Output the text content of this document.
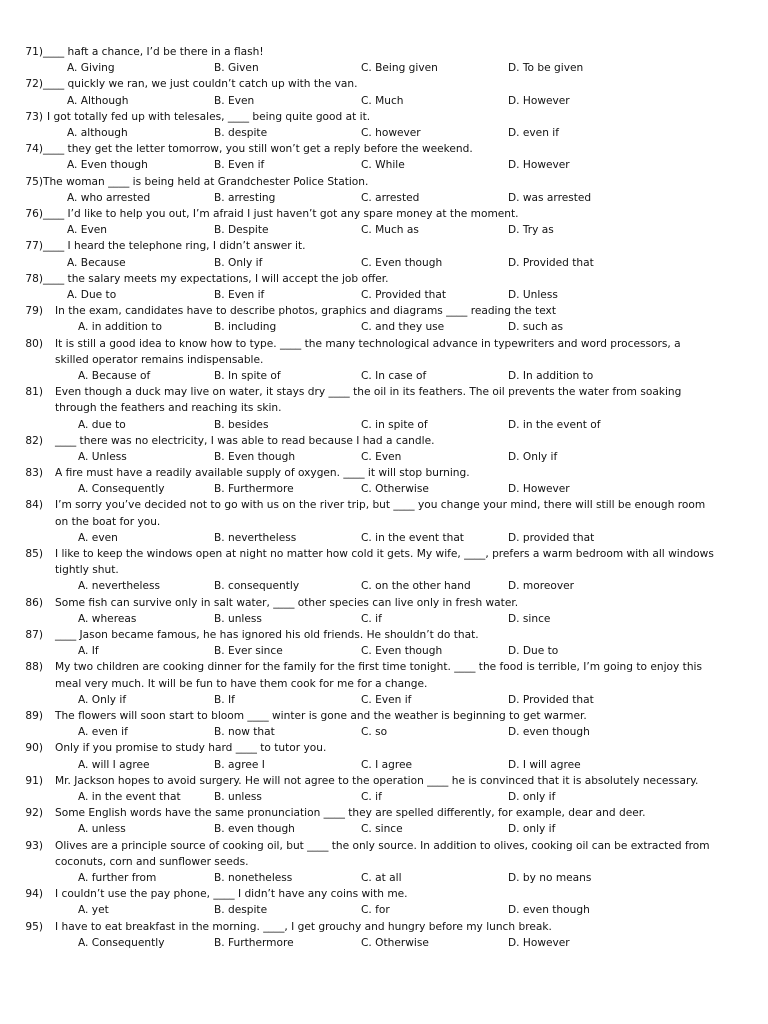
71) ____ haft a chance, I’d be there in a flash!
A. Giving	B. Given	C. Being given	D. To be given
72) ____ quickly we ran, we just couldn’t catch up with the van.
A. Although	B. Even	C. Much	D. However
73) I got totally fed up with telesales, ____ being quite good at it.
A. although	B. despite	C. however	D. even if
74) ____ they get the letter tomorrow, you still won’t get a reply before the weekend.
A. Even though	B. Even if	C. While	D. However
75) The woman ____ is being held at Grandchester Police Station.
A. who arrested	B. arresting	C. arrested	D. was arrested
76) ____ I’d like to help you out, I’m afraid I just haven’t got any spare money at the moment.
A. Even	B. Despite	C. Much as	D. Try as
77) ____ I heard the telephone ring, I didn’t answer it.
A. Because	B. Only if	C. Even though	D. Provided that
78) ____ the salary meets my expectations, I will accept the job offer.
A. Due to	B. Even if	C. Provided that	D. Unless
79)	In the exam, candidates have to describe photos, graphics and diagrams ____ reading the text
A. in addition to	B. including	C. and they use	D. such as
80)	It is still a good idea to know how to type. ____ the many technological advance in typewriters and word processors, a skilled operator remains indispensable.
A. Because of	B. In spite of	C. In case of	D. In addition to
81)	Even though a duck may live on water, it stays dry ____ the oil in its feathers. The oil prevents the water from soaking through the feathers and reaching its skin.
A. due to	B. besides	C. in spite of	D. in the event of
82)	____ there was no electricity, I was able to read because I had a candle.
A. Unless	B. Even though	C. Even	D. Only if
83)	A fire must have a readily available supply of oxygen. ____ it will stop burning.
A. Consequently	B. Furthermore	C. Otherwise	D. However
84)	I’m sorry you’ve decided not to go with us on the river trip, but ____ you change your mind, there will still be enough room on the boat for you.
A. even	B. nevertheless	C. in the event that	D. provided that
85)	I like to keep the windows open at night no matter how cold it gets. My wife, ____, prefers a warm bedroom with all windows tightly shut.
A. nevertheless	B. consequently	C. on the other hand	D. moreover
86)	Some fish can survive only in salt water, ____ other species can live only in fresh water.
A. whereas	B. unless	C. if	D. since
87)	____ Jason became famous, he has ignored his old friends. He shouldn’t do that.
A. If	B. Ever since	C. Even though	D. Due to
88)	My two children are cooking dinner for the family for the first time tonight. ____ the food is terrible, I’m going to enjoy this meal very much. It will be fun to have them cook for me for a change.
A. Only if	B. If	C. Even if	D. Provided that
89)	The flowers will soon start to bloom ____ winter is gone and the weather is beginning to get warmer.
A. even if	B. now that	C. so	D. even though
90)	Only if you promise to study hard ____ to tutor you.
A. will I agree	B. agree I	C. I agree	D. I will agree
91)	Mr. Jackson hopes to avoid surgery. He will not agree to the operation ____ he is convinced that it is absolutely necessary.
A. in the event that	B. unless	C. if	D. only if
92)	Some English words have the same pronunciation ____ they are spelled differently, for example, dear and deer.
A. unless	B. even though	C. since	D. only if
93)	Olives are a principle source of cooking oil, but ____ the only source. In addition to olives, cooking oil can be extracted from coconuts, corn and sunflower seeds.
A. further from	B. nonetheless	C. at all	D. by no means
94)	I couldn’t use the pay phone, ____ I didn’t have any coins with me.
A. yet	B. despite	C. for	D. even though
95)	I have to eat breakfast in the morning. ____, I get grouchy and hungry before my lunch break.
A. Consequently	B. Furthermore	C. Otherwise	D. However
